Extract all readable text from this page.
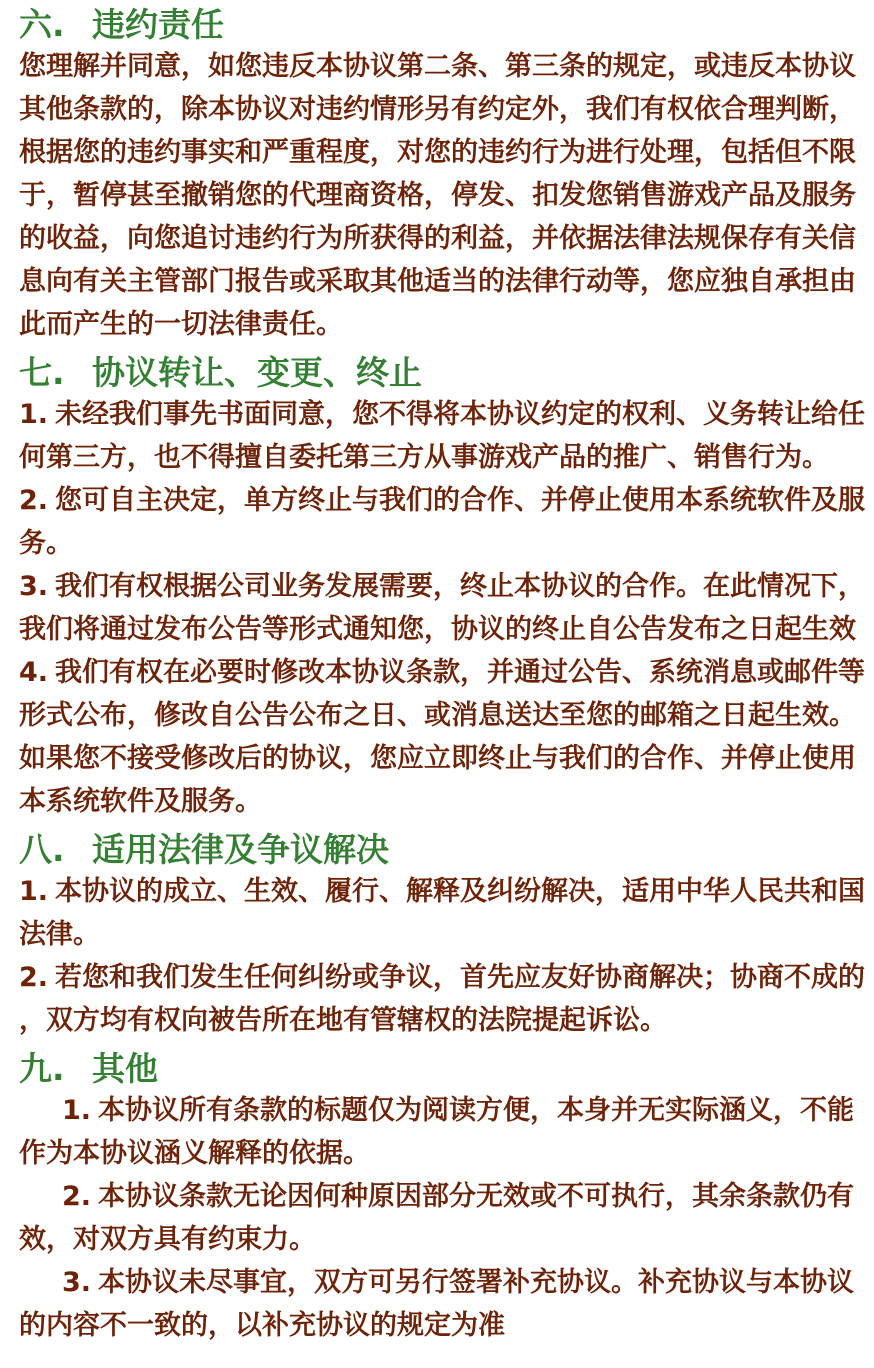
六. 违约责任
您理解并同意，如您违反本协议第二条、第三条的规定，或违反本协议
其他条款的，除本协议对违约情形另有约定外，我们有权依合理判断，
根据您的违约事实和严重程度，对您的违约行为进行处理，包括但不限
于，暂停甚至撤销您的代理商资格，停发、扣发您销售游戏产品及服务
的收益，向您追讨违约行为所获得的利益，并依据法律法规保存有关信
息向有关主管部门报告或采取其他适当的法律行动等，您应独自承担由
此而产生的一切法律责任。
七. 协议转让、变更、终止
1. 未经我们事先书面同意，您不得将本协议约定的权利、义务转让给任
何第三方，也不得擅自委托第三方从事游戏产品的推广、销售行为。
2. 您可自主决定，单方终止与我们的合作、并停止使用本系统软件及服
务。
3. 我们有权根据公司业务发展需要，终止本协议的合作。在此情况下，
我们将通过发布公告等形式通知您，协议的终止自公告发布之日起生效
4. 我们有权在必要时修改本协议条款，并通过公告、系统消息或邮件等
形式公布，修改自公告公布之日、或消息送达至您的邮箱之日起生效。
如果您不接受修改后的协议，您应立即终止与我们的合作、并停止使用
本系统软件及服务。
八. 适用法律及争议解决
1. 本协议的成立、生效、履行、解释及纠纷解决，适用中华人民共和国
法律。
2. 若您和我们发生任何纠纷或争议，首先应友好协商解决；协商不成的
，双方均有权向被告所在地有管辖权的法院提起诉讼。
九. 其他
1. 本协议所有条款的标题仅为阅读方便，本身并无实际涵义，不能
作为本协议涵义解释的依据。
2. 本协议条款无论因何种原因部分无效或不可执行，其余条款仍有
效，对双方具有约束力。
3. 本协议未尽事宜，双方可另行签署补充协议。补充协议与本协议
的内容不一致的，以补充协议的规定为准
